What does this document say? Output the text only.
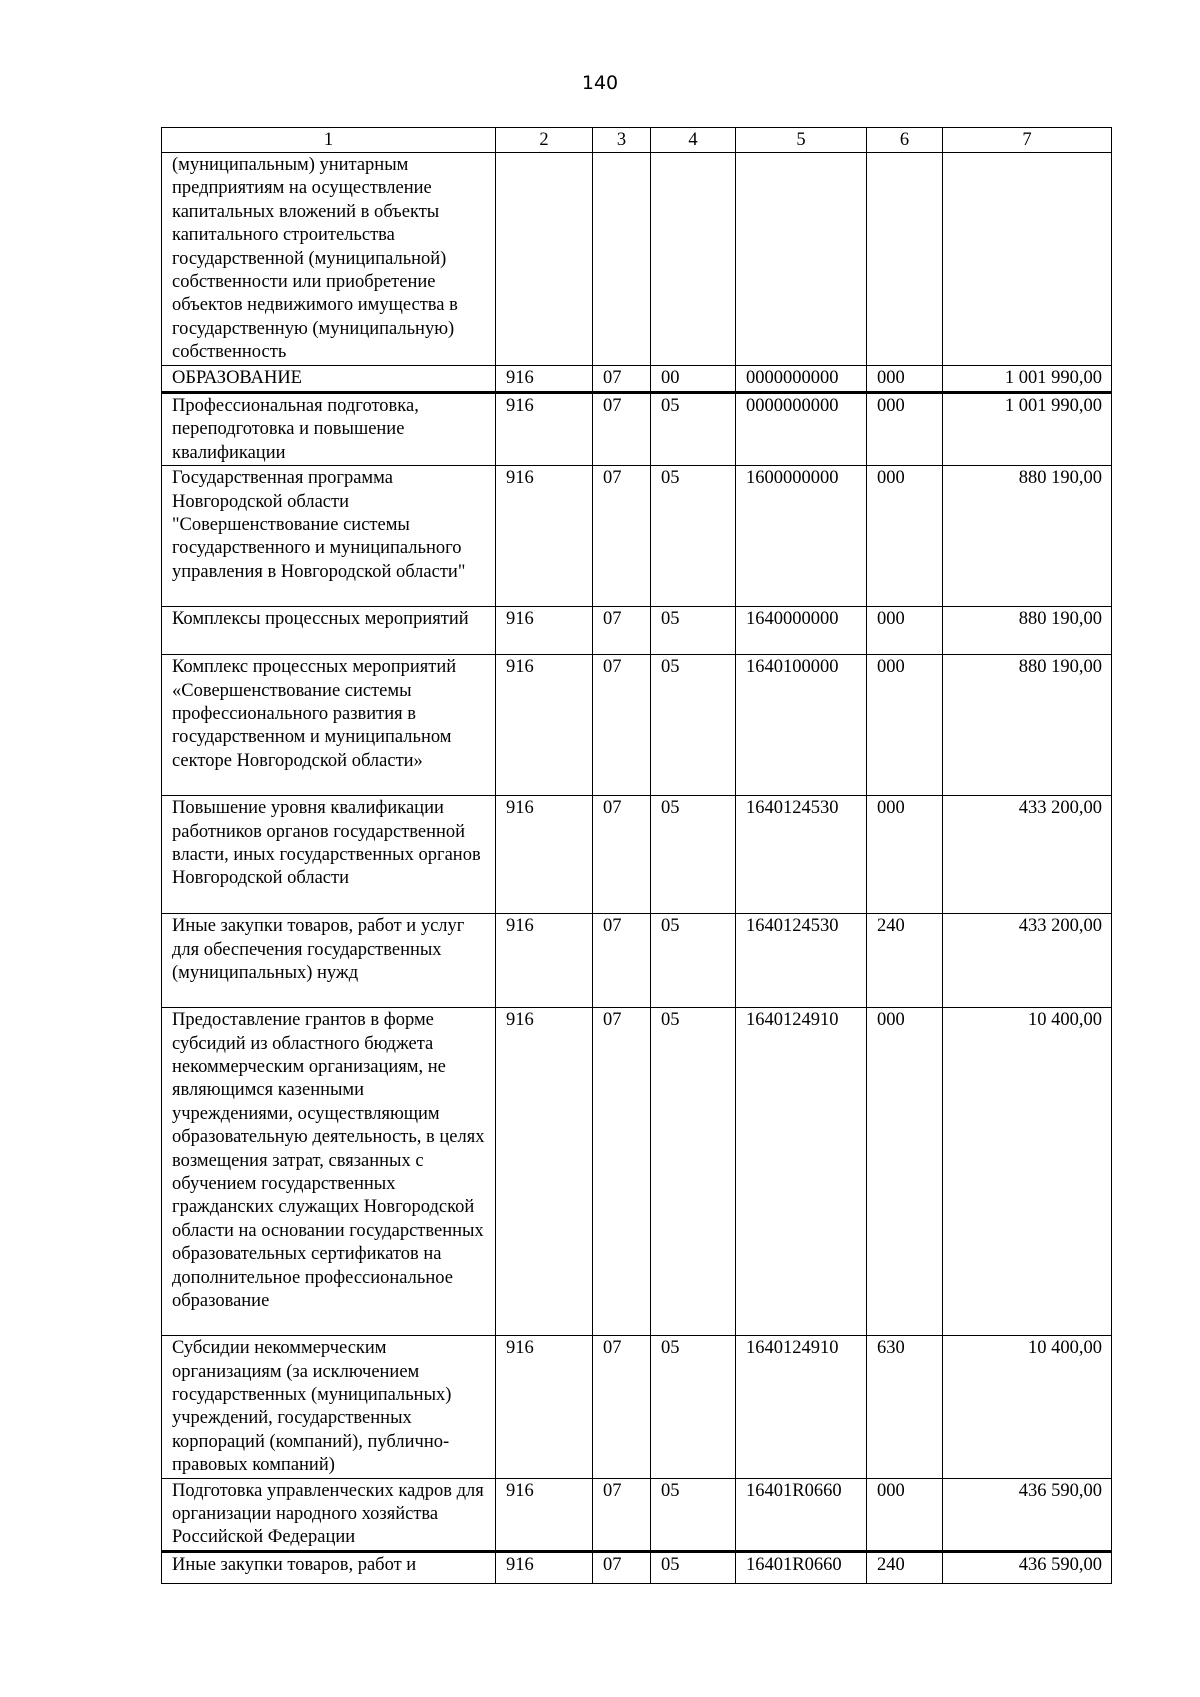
140
1	2	3	4	5	6	7
(муниципальным) унитарным предприятиям на осуществление капитальных вложений в объекты капитального строительства государственной (муниципальной) собственности или приобретение объектов недвижимого имущества в государственную (муниципальную) собственность						
ОБРАЗОВАНИЕ	916	07	00	0000000000	000	1 001 990,00
Профессиональная подготовка, переподготовка и повышение квалификации	916	07	05	0000000000	000	1 001 990,00
Государственная программа Новгородской области "Совершенствование системы государственного и муниципального управления в Новгородской области"	916	07	05	1600000000	000	880 190,00
Комплексы процессных мероприятий	916	07	05	1640000000	000	880 190,00
Комплекс процессных мероприятий «Совершенствование системы профессионального развития в государственном и муниципальном секторе Новгородской области»	916	07	05	1640100000	000	880 190,00
Повышение уровня квалификации работников органов государственной власти, иных государственных органов Новгородской области	916	07	05	1640124530	000	433 200,00
Иные закупки товаров, работ и услуг для обеспечения государственных (муниципальных) нужд	916	07	05	1640124530	240	433 200,00
Предоставление грантов в форме субсидий из областного бюджета некоммерческим организациям, не являющимся казенными учреждениями, осуществляющим образовательную деятельность, в целях возмещения затрат, связанных с обучением государственных гражданских служащих Новгородской области на основании государственных образовательных сертификатов на дополнительное профессиональное образование	916	07	05	1640124910	000	10 400,00
Субсидии некоммерческим организациям (за исключением государственных (муниципальных) учреждений, государственных корпораций (компаний), публично-правовых компаний)	916	07	05	1640124910	630	10 400,00
Подготовка управленческих кадров для организации народного хозяйства Российской Федерации	916	07	05	16401R0660	000	436 590,00
Иные закупки товаров, работ и	916	07	05	16401R0660	240	436 590,00
